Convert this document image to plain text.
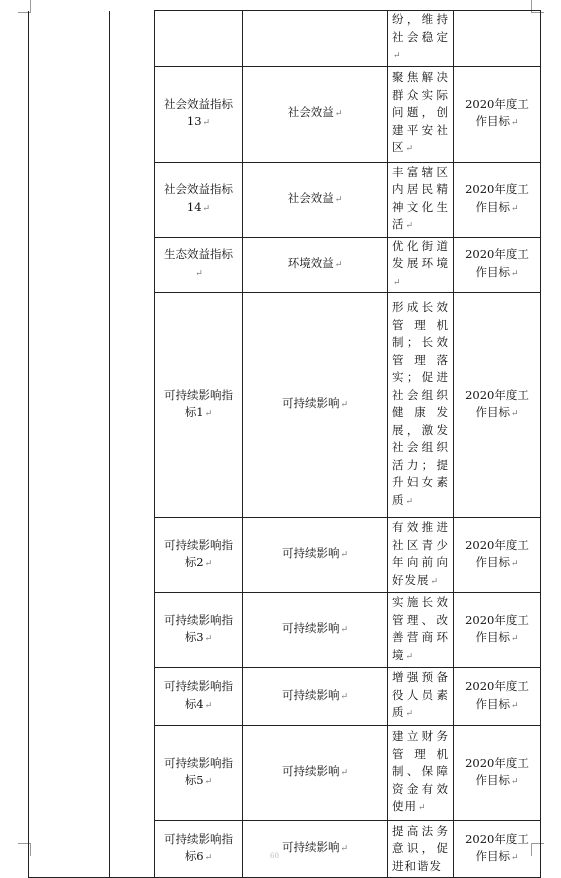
				纷，维持社会稳定↵	
		社会效益指标13↵	社会效益↵	聚焦解决群众实际问题，创建平安社区↵	2020年度工作目标↵
		社会效益指标14↵	社会效益↵	丰富辖区内居民精神文化生活↵	2020年度工作目标↵
		生态效益指标↵	环境效益↵	优化街道发展环境↵	2020年度工作目标↵
		可持续影响指标1↵	可持续影响↵	形成长效管理机制；长效管理落实；促进社会组织健康发展，激发社会组织活力；提升妇女素质↵	2020年度工作目标↵
		可持续影响指标2↵	可持续影响↵	有效推进社区青少年向前向好发展↵	2020年度工作目标↵
		可持续影响指标3↵	可持续影响↵	实施长效管理、改善营商环境↵	2020年度工作目标↵
		可持续影响指标4↵	可持续影响↵	增强预备役人员素质↵	2020年度工作目标↵
		可持续影响指标5↵	可持续影响↵	建立财务管理机制、保障资金有效使用↵	2020年度工作目标↵
		可持续影响指标6↵	可持续影响↵	提高法务意识，促进和谐发	2020年度工作目标↵
60
